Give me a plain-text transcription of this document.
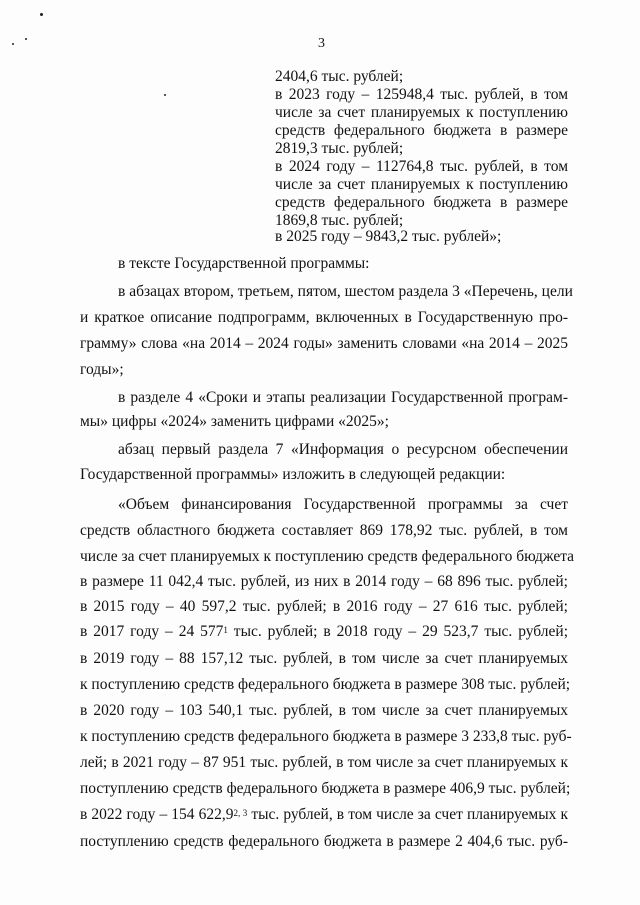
3
2404,6 тыс. рублей;
в 2023 году – 125948,4 тыс. рублей, в том
числе за счет планируемых к поступлению
средств федерального бюджета в размере
2819,3 тыс. рублей;
в 2024 году – 112764,8 тыс. рублей, в том
числе за счет планируемых к поступлению
средств федерального бюджета в размере
1869,8 тыс. рублей;
в 2025 году – 9843,2 тыс. рублей»;
в тексте Государственной программы:
в абзацах втором, третьем, пятом, шестом раздела 3 «Перечень, цели
и краткое описание подпрограмм, включенных в Государственную про-
грамму» слова «на 2014 – 2024 годы» заменить словами «на 2014 – 2025
годы»;
в разделе 4 «Сроки и этапы реализации Государственной програм-
мы» цифры «2024» заменить цифрами «2025»;
абзац первый раздела 7 «Информация о ресурсном обеспечении
Государственной программы» изложить в следующей редакции:
«Объем финансирования Государственной программы за счет
средств областного бюджета составляет 869 178,92 тыс. рублей, в том
числе за счет планируемых к поступлению средств федерального бюджета
в размере 11 042,4 тыс. рублей, из них в 2014 году – 68 896 тыс. рублей;
в 2015 году – 40 597,2 тыс. рублей; в 2016 году – 27 616 тыс. рублей;
в 2017 году – 24 $577^1$ тыс. рублей; в 2018 году – 29 523,7 тыс. рублей;
в 2019 году – 88 157,12 тыс. рублей, в том числе за счет планируемых
к поступлению средств федерального бюджета в размере 308 тыс. рублей;
в 2020 году – 103 540,1 тыс. рублей, в том числе за счет планируемых
к поступлению средств федерального бюджета в размере 3 233,8 тыс. руб-
лей; в 2021 году – 87 951 тыс. рублей, в том числе за счет планируемых к
поступлению средств федерального бюджета в размере 406,9 тыс. рублей;
в 2022 году – 154 622,9$^{2, 3}$ тыс. рублей, в том числе за счет планируемых к
поступлению средств федерального бюджета в размере 2 404,6 тыс. руб-
